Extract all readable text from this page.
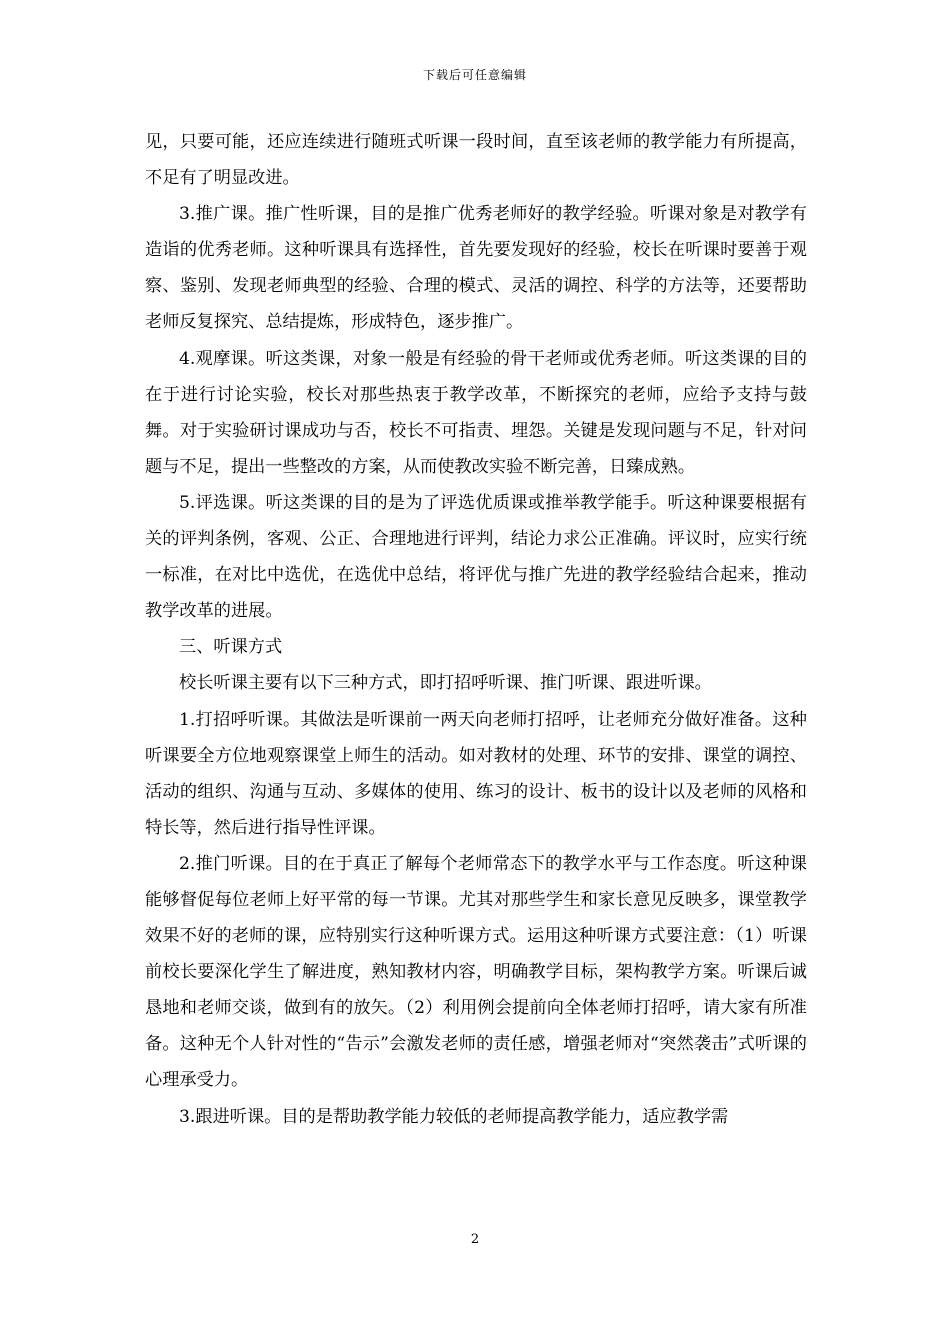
下载后可任意编辑

见，只要可能，还应连续进行随班式听课一段时间，直至该老师的教学能力有所提高，不足有了明显改进。

3.推广课。推广性听课，目的是推广优秀老师好的教学经验。听课对象是对教学有造诣的优秀老师。这种听课具有选择性，首先要发现好的经验，校长在听课时要善于观察、鉴别、发现老师典型的经验、合理的模式、灵活的调控、科学的方法等，还要帮助老师反复探究、总结提炼，形成特色，逐步推广。

4.观摩课。听这类课，对象一般是有经验的骨干老师或优秀老师。听这类课的目的在于进行讨论实验，校长对那些热衷于教学改革，不断探究的老师，应给予支持与鼓舞。对于实验研讨课成功与否，校长不可指责、埋怨。关键是发现问题与不足，针对问题与不足，提出一些整改的方案，从而使教改实验不断完善，日臻成熟。

5.评选课。听这类课的目的是为了评选优质课或推举教学能手。听这种课要根据有关的评判条例，客观、公正、合理地进行评判，结论力求公正准确。评议时，应实行统一标准，在对比中选优，在选优中总结，将评优与推广先进的教学经验结合起来，推动教学改革的进展。

三、听课方式

校长听课主要有以下三种方式，即打招呼听课、推门听课、跟进听课。

1.打招呼听课。其做法是听课前一两天向老师打招呼，让老师充分做好准备。这种听课要全方位地观察课堂上师生的活动。如对教材的处理、环节的安排、课堂的调控、活动的组织、沟通与互动、多媒体的使用、练习的设计、板书的设计以及老师的风格和特长等，然后进行指导性评课。

2.推门听课。目的在于真正了解每个老师常态下的教学水平与工作态度。听这种课能够督促每位老师上好平常的每一节课。尤其对那些学生和家长意见反映多，课堂教学效果不好的老师的课，应特别实行这种听课方式。运用这种听课方式要注意：（1）听课前校长要深化学生了解进度，熟知教材内容，明确教学目标，架构教学方案。听课后诚恳地和老师交谈，做到有的放矢。（2）利用例会提前向全体老师打招呼，请大家有所准备。这种无个人针对性的“告示”会激发老师的责任感，增强老师对“突然袭击”式听课的心理承受力。

3.跟进听课。目的是帮助教学能力较低的老师提高教学能力，适应教学需

2
